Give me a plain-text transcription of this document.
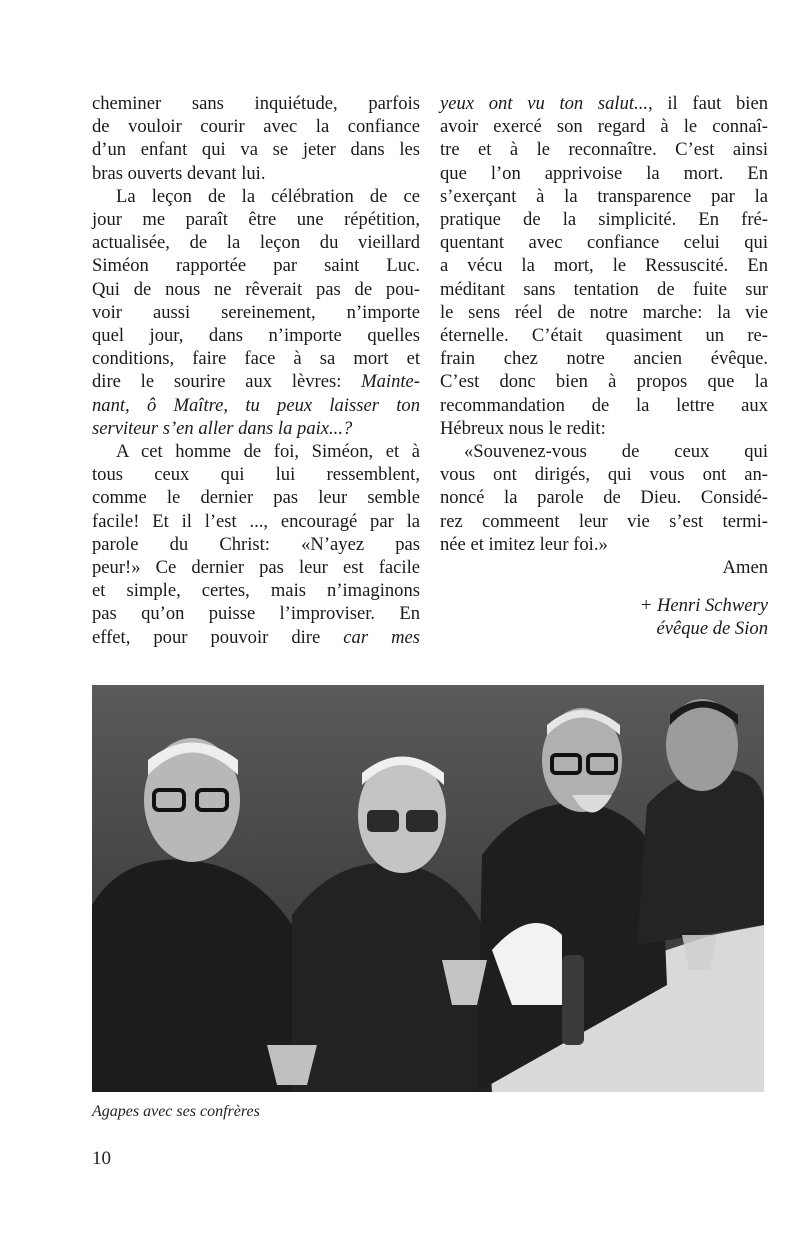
cheminer sans inquiétude, parfois
de vouloir courir avec la confiance
d’un enfant qui va se jeter dans les
bras ouverts devant lui.

La leçon de la célébration de ce
jour me paraît être une répétition,
actualisée, de la leçon du vieillard
Siméon rapportée par saint Luc.
Qui de nous ne rêverait pas de pou-
voir aussi sereinement, n’importe
quel jour, dans n’importe quelles
conditions, faire face à sa mort et
dire le sourire aux lèvres: Mainte-
nant, ô Maître, tu peux laisser ton
serviteur s’en aller dans la paix...?

A cet homme de foi, Siméon, et à
tous ceux qui lui ressemblent,
comme le dernier pas leur semble
facile! Et il l’est ..., encouragé par la
parole du Christ: «N’ayez pas
peur!» Ce dernier pas leur est facile
et simple, certes, mais n’imaginons
pas qu’on puisse l’improviser. En
effet, pour pouvoir dire car mes

yeux ont vu ton salut..., il faut bien
avoir exercé son regard à le connaî-
tre et à le reconnaître. C’est ainsi
que l’on apprivoise la mort. En
s’exerçant à la transparence par la
pratique de la simplicité. En fré-
quentant avec confiance celui qui
a vécu la mort, le Ressuscité. En
méditant sans tentation de fuite sur
le sens réel de notre marche: la vie
éternelle. C’était quasiment un re-
frain chez notre ancien évêque.
C’est donc bien à propos que la
recommandation de la lettre aux
Hébreux nous le redit:

«Souvenez-vous de ceux qui
vous ont dirigés, qui vous ont an-
noncé la parole de Dieu. Considé-
rez commeent leur vie s’est termi-
née et imitez leur foi.»

Amen

+ Henri Schwery
évêque de Sion
Agapes avec ses confrères
10
